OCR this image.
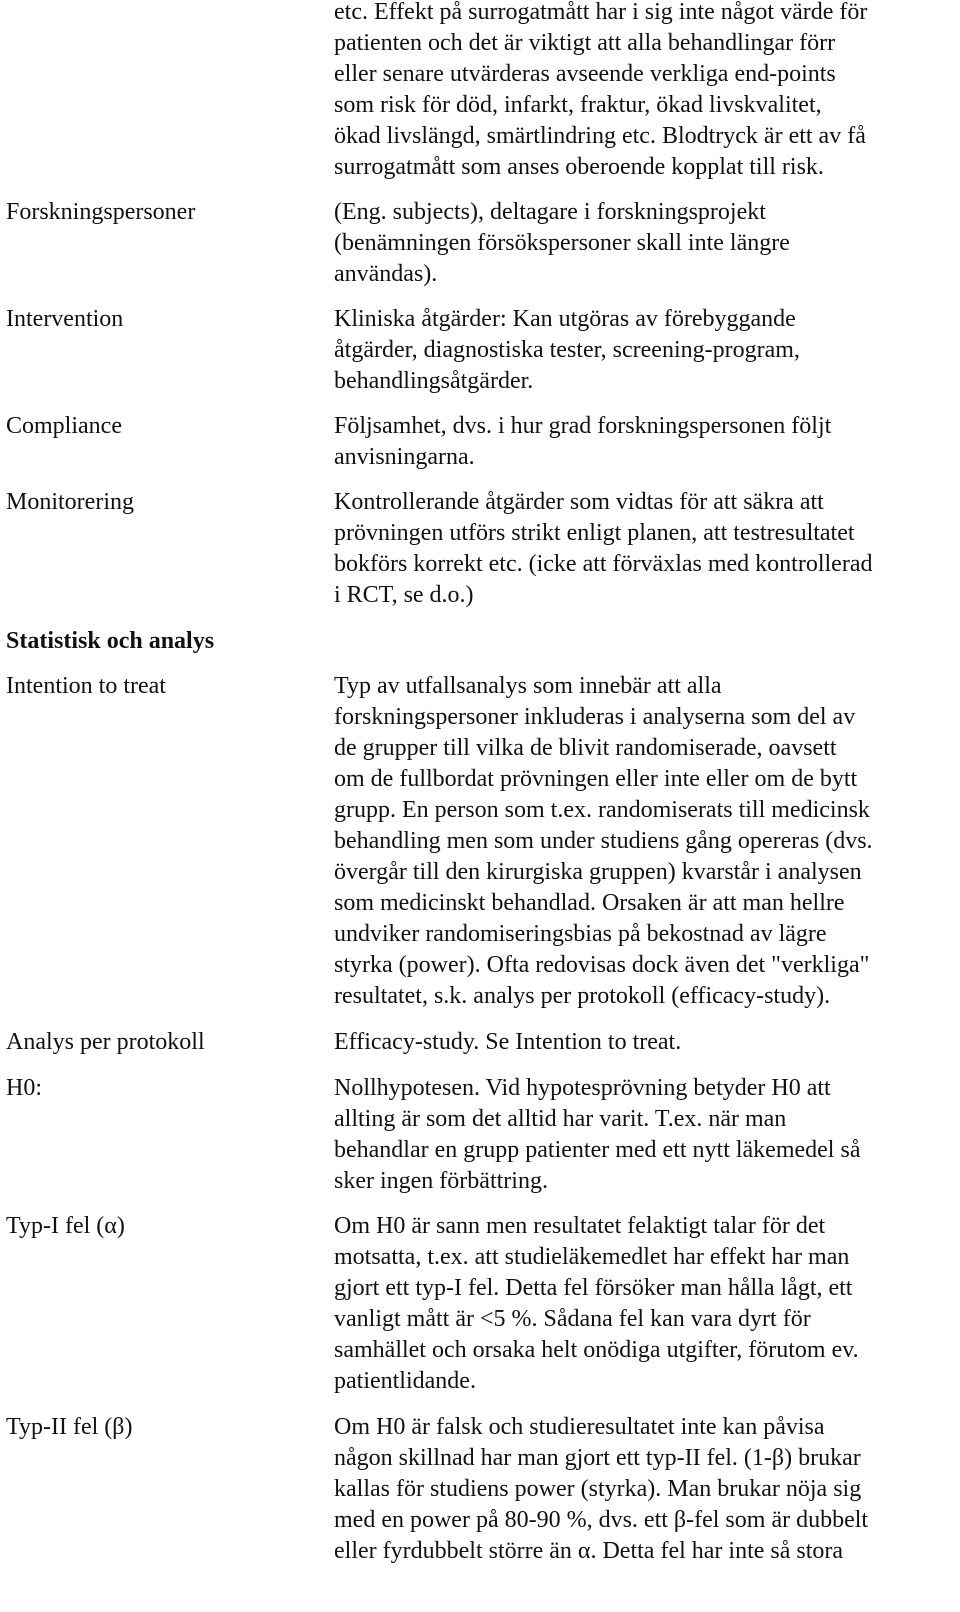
etc. Effekt på surrogatmått har i sig inte något värde för
patienten och det är viktigt att alla behandlingar förr
eller senare utvärderas avseende verkliga end-points
som risk för död, infarkt, fraktur, ökad livskvalitet,
ökad livslängd, smärtlindring etc. Blodtryck är ett av få
surrogatmått som anses oberoende kopplat till risk.
Forskningspersoner	(Eng. subjects), deltagare i forskningsprojekt
(benämningen försökspersoner skall inte längre
användas).
Intervention	Kliniska åtgärder: Kan utgöras av förebyggande
åtgärder, diagnostiska tester, screening-program,
behandlingsåtgärder.
Compliance	Följsamhet, dvs. i hur grad forskningspersonen följt
anvisningarna.
Monitorering	Kontrollerande åtgärder som vidtas för att säkra att
prövningen utförs strikt enligt planen, att testresultatet
bokförs korrekt etc. (icke att förväxlas med kontrollerad
i RCT, se d.o.)
Statistisk och analys
Intention to treat	Typ av utfallsanalys som innebär att alla
forskningspersoner inkluderas i analyserna som del av
de grupper till vilka de blivit randomiserade, oavsett
om de fullbordat prövningen eller inte eller om de bytt
grupp. En person som t.ex. randomiserats till medicinsk
behandling men som under studiens gång opereras (dvs.
övergår till den kirurgiska gruppen) kvarstår i analysen
som medicinskt behandlad. Orsaken är att man hellre
undviker randomiseringsbias på bekostnad av lägre
styrka (power). Ofta redovisas dock även det "verkliga"
resultatet, s.k. analys per protokoll (efficacy-study).
Analys per protokoll	Efficacy-study. Se Intention to treat.
H0:	Nollhypotesen. Vid hypotesprövning betyder H0 att
allting är som det alltid har varit. T.ex. när man
behandlar en grupp patienter med ett nytt läkemedel så
sker ingen förbättring.
Typ-I fel (α)	Om H0 är sann men resultatet felaktigt talar för det
motsatta, t.ex. att studieläkemedlet har effekt har man
gjort ett typ-I fel. Detta fel försöker man hålla lågt, ett
vanligt mått är <5 %. Sådana fel kan vara dyrt för
samhället och orsaka helt onödiga utgifter, förutom ev.
patientlidande.
Typ-II fel (β)	Om H0 är falsk och studieresultatet inte kan påvisa
någon skillnad har man gjort ett typ-II fel. (1-β) brukar
kallas för studiens power (styrka). Man brukar nöja sig
med en power på 80-90 %, dvs. ett β-fel som är dubbelt
eller fyrdubbelt större än α. Detta fel har inte så stora
